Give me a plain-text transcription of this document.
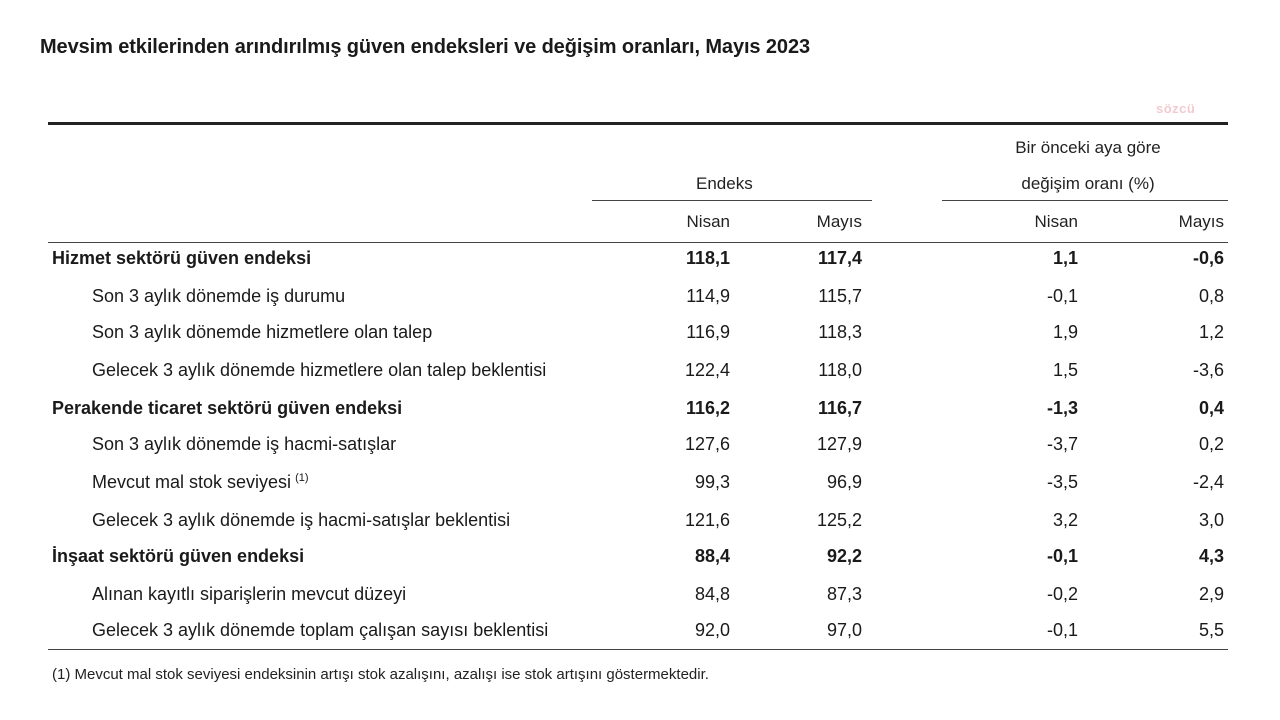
Mevsim etkilerinden arındırılmış güven endeksleri ve değişim oranları, Mayıs 2023
sözcü
Endeks
Bir önceki aya göre
değişim oranı (%)
Nisan	Mayıs	Nisan	Mayıs
Hizmet sektörü güven endeksi	118,1	117,4	1,1	-0,6
Son 3 aylık dönemde iş durumu	114,9	115,7	-0,1	0,8
Son 3 aylık dönemde hizmetlere olan talep	116,9	118,3	1,9	1,2
Gelecek 3 aylık dönemde hizmetlere olan talep beklentisi	122,4	118,0	1,5	-3,6
Perakende ticaret sektörü güven endeksi	116,2	116,7	-1,3	0,4
Son 3 aylık dönemde iş hacmi-satışlar	127,6	127,9	-3,7	0,2
Mevcut mal stok seviyesi $^{(1)}$	99,3	96,9	-3,5	-2,4
Gelecek 3 aylık dönemde iş hacmi-satışlar beklentisi	121,6	125,2	3,2	3,0
İnşaat sektörü güven endeksi	88,4	92,2	-0,1	4,3
Alınan kayıtlı siparişlerin mevcut düzeyi	84,8	87,3	-0,2	2,9
Gelecek 3 aylık dönemde toplam çalışan sayısı beklentisi	92,0	97,0	-0,1	5,5
(1) Mevcut mal stok seviyesi endeksinin artışı stok azalışını, azalışı ise stok artışını göstermektedir.
